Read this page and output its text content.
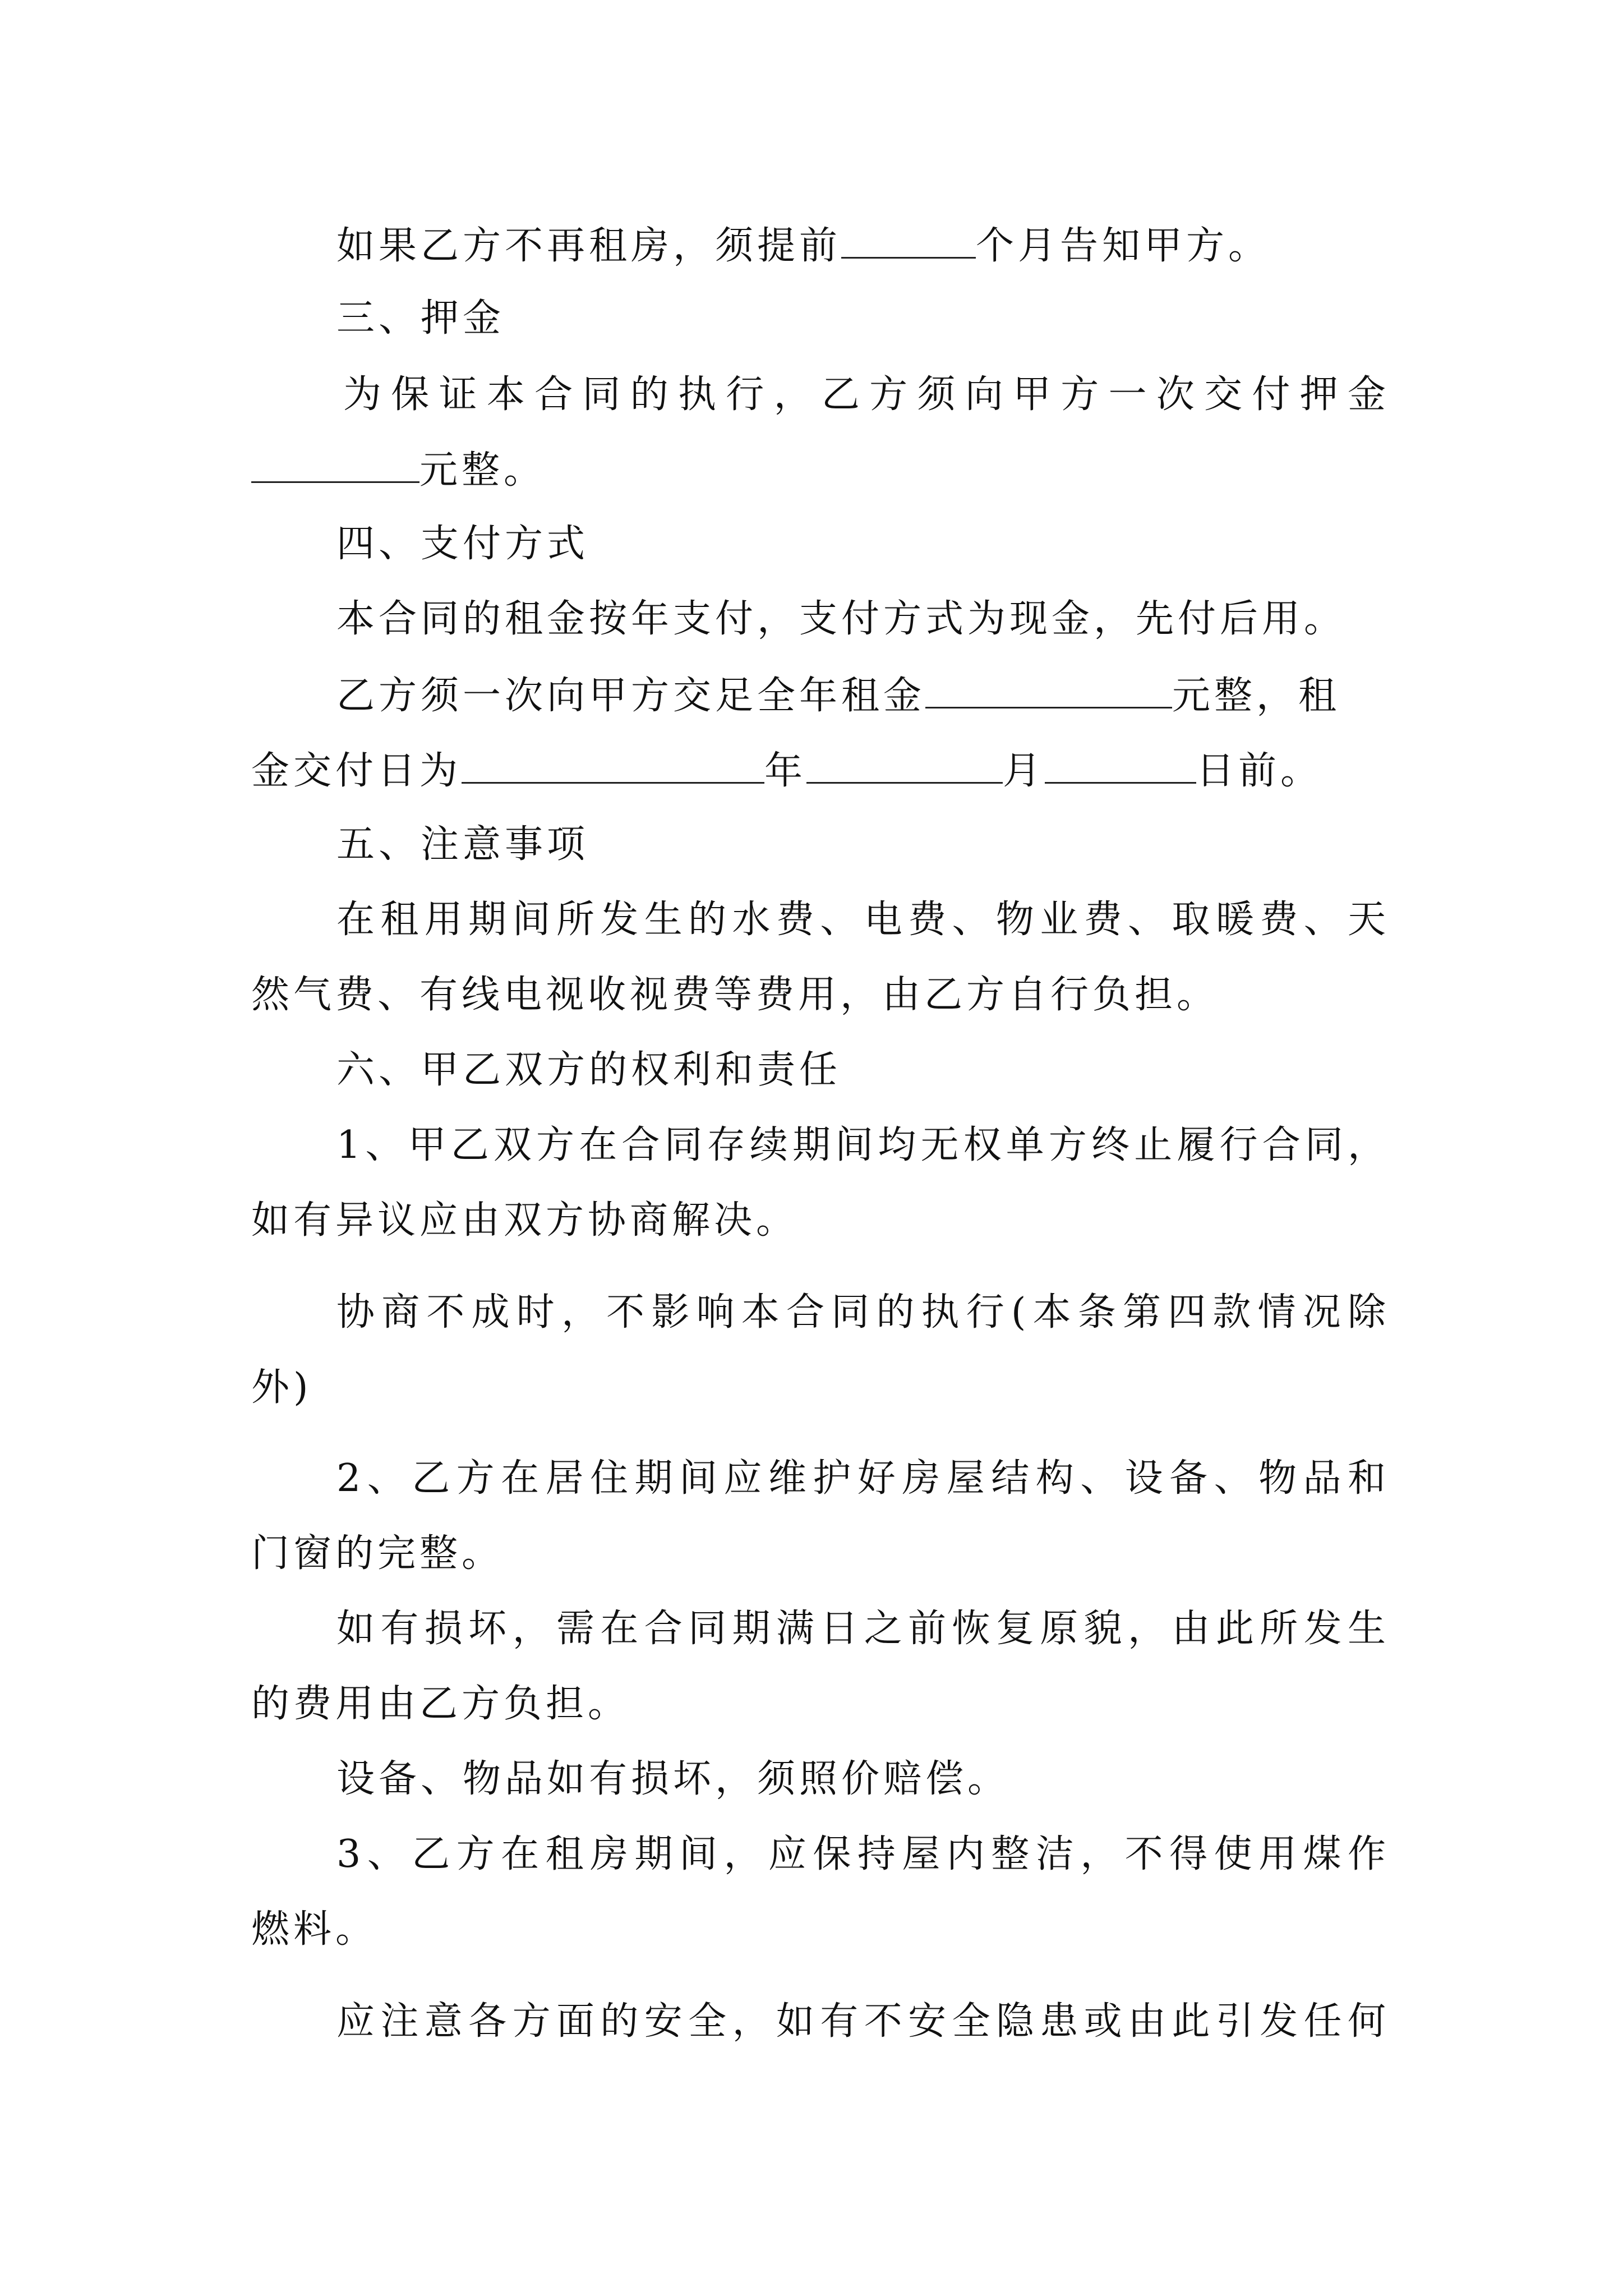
如果乙方不再租房，须提前	个月告知甲方。
三、押金
为保证本合同的执行，乙方须向甲方一次交付押金
元整。
四、支付方式
本合同的租金按年支付，支付方式为现金，先付后用。
乙方须一次向甲方交足全年租金	元整，租
金交付日为	年	月	日前。
五、注意事项
在租用期间所发生的水费、电费、物业费、取暖费、天
然气费、有线电视收视费等费用，由乙方自行负担。
六、甲乙双方的权利和责任
1、甲乙双方在合同存续期间均无权单方终止履行合同，
如有异议应由双方协商解决。
协商不成时，不影响本合同的执行(本条第四款情况除
外)
2、乙方在居住期间应维护好房屋结构、设备、物品和
门窗的完整。
如有损坏，需在合同期满日之前恢复原貌，由此所发生
的费用由乙方负担。
设备、物品如有损坏，须照价赔偿。
3、乙方在租房期间，应保持屋内整洁，不得使用煤作
燃料。
应注意各方面的安全，如有不安全隐患或由此引发任何
